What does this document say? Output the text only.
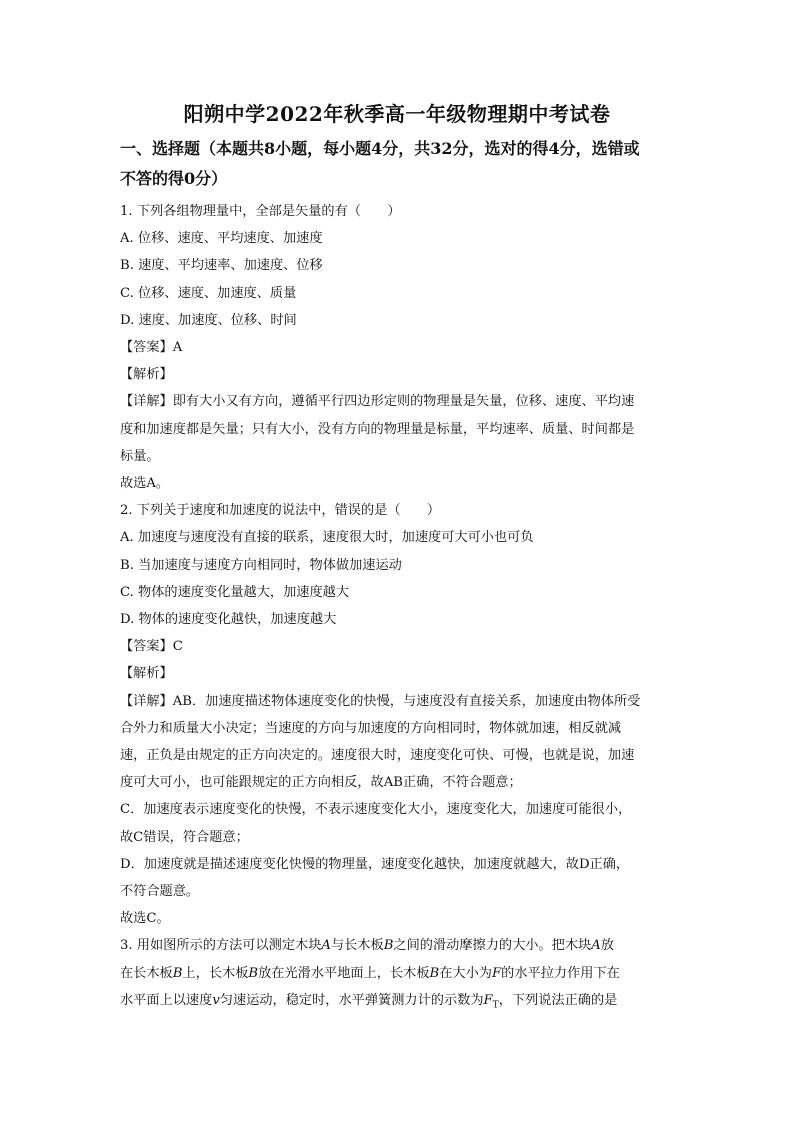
阳朔中学2022年秋季高一年级物理期中考试卷
一、选择题（本题共8小题，每小题4分，共32分，选对的得4分，选错或
不答的得0分）

1. 下列各组物理量中，全部是矢量的有（　　）

A. 位移、速度、平均速度、加速度

B. 速度、平均速率、加速度、位移

C. 位移、速度、加速度、质量

D. 速度、加速度、位移、时间

【答案】A

【解析】

【详解】即有大小又有方向，遵循平行四边形定则的物理量是矢量，位移、速度、平均速

度和加速度都是矢量；只有大小，没有方向的物理量是标量，平均速率、质量、时间都是

标量。

故选A。

2. 下列关于速度和加速度的说法中，错误的是（　　）

A. 加速度与速度没有直接的联系，速度很大时，加速度可大可小也可负

B. 当加速度与速度方向相同时，物体做加速运动

C. 物体的速度变化量越大，加速度越大

D. 物体的速度变化越快，加速度越大

【答案】C

【解析】

【详解】AB．加速度描述物体速度变化的快慢，与速度没有直接关系，加速度由物体所受

合外力和质量大小决定；当速度的方向与加速度的方向相同时，物体就加速，相反就减

速，正负是由规定的正方向决定的。速度很大时，速度变化可快、可慢，也就是说，加速

度可大可小，也可能跟规定的正方向相反，故AB正确，不符合题意；

C．加速度表示速度变化的快慢，不表示速度变化大小，速度变化大，加速度可能很小，

故C错误，符合题意；

D．加速度就是描述速度变化快慢的物理量，速度变化越快，加速度就越大，故D正确，

不符合题意。

故选C。

3. 用如图所示的方法可以测定木块A与长木板B之间的滑动摩擦力的大小。把木块A放

在长木板B上，长木板B放在光滑水平地面上，长木板B在大小为F的水平拉力作用下在

水平面上以速度v匀速运动，稳定时，水平弹簧测力计的示数为$F_T$，下列说法正确的是
